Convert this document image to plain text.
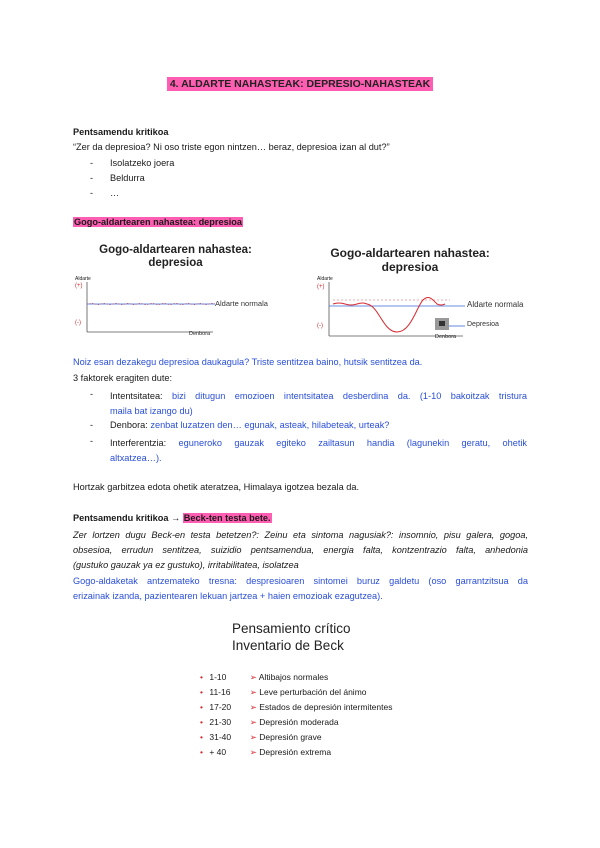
4. ALDARTE NAHASTEAK: DEPRESIO-NAHASTEAK
Pentsamendu kritikoa
“Zer da depresioa? Ni oso triste egon nintzen… beraz, depresioa izan al dut?”
- Isolatzeko joera
- Beldurra
- …
Gogo-aldartearen nahastea: depresioa
Gogo-aldartearen nahastea:
depresioa
Aldarte
(+)
(-)
Aldarte normala
Denbora
Gogo-aldartearen nahastea:
depresioa
Aldarte
(+)
(-)
Aldarte normala
Depresioa
Denbora
Noiz esan dezakegu depresioa daukagula? Triste sentitzea baino, hutsik sentitzea da.
3 faktorek eragiten dute:
- Intentsitatea: bizi ditugun emozioen intentsitatea desberdina da. (1-10 bakoitzak tristura
maila bat izango du)
- Denbora: zenbat luzatzen den… egunak, asteak, hilabeteak, urteak?
- Interferentzia: eguneroko gauzak egiteko zailtasun handia (lagunekin geratu, ohetik
altxatzea…).
Hortzak garbitzea edota ohetik ateratzea, Himalaya igotzea bezala da.
Pentsamendu kritikoa → Beck-ten testa bete.
Zer lortzen dugu Beck-en testa betetzen?: Zeinu eta sintoma nagusiak?: insomnio, pisu galera, gogoa,
obsesioa, errudun sentitzea, suizidio pentsamendua, energia falta, kontzentrazio falta, anhedonia
(gustuko gauzak ya ez gustuko), irritabilitatea, isolatzea
Gogo-aldaketak antzemateko tresna: despresioaren sintomei buruz galdetu (oso garrantzitsua da
erizainak izanda, pazientearen lekuan jartzea + haien emozioak ezagutzea).
Pensamiento crítico
Inventario de Beck
• 1-10	➢ Altibajos normales
• 11-16 ➢ Leve perturbación del ánimo
• 17-20 ➢ Estados de depresión intermitentes
• 21-30 ➢ Depresión moderada
• 31-40 ➢ Depresión grave
• + 40	➢ Depresión extrema
